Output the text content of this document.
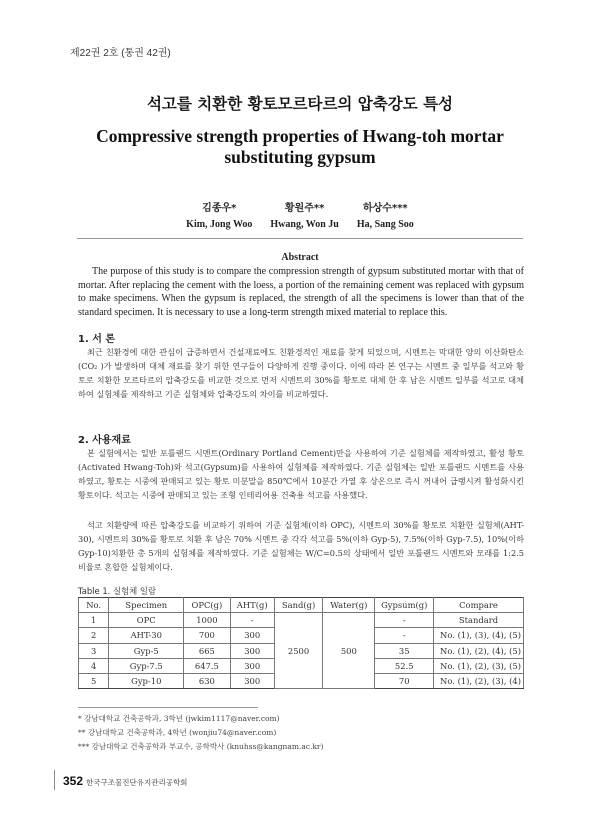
제22권 2호 (통권 42권)
석고를 치환한 황토모르타르의 압축강도 특성
Compressive strength properties of Hwang-toh mortar substituting gypsum
김종우*
Kim, Jong Woo
황원주**
Hwang, Won Ju
하상수***
Ha, Sang Soo
Abstract
The purpose of this study is to compare the compression strength of gypsum substituted mortar with that of mortar. After replacing the cement with the loess, a portion of the remaining cement was replaced with gypsum to make specimens. When the gypsum is replaced, the strength of all the specimens is lower than that of the standard specimen. It is necessary to use a long-term strength mixed material to replace this.
1. 서 론
최근 친환경에 대한 관심이 급증하면서 건설재료에도 친환경적인 재료를 찾게 되었으며, 시멘트는 막대한 양의 이산화탄소(CO₂ )가 발생하며 대체 재료를 찾기 위한 연구들이 다양하게 진행 중이다. 이에 따라 본 연구는 시멘트 중 일부를 석고와 황토로 치환한 모르타르의 압축강도를 비교한 것으로 먼저 시멘트의 30%를 황토로 대체 한 후 남은 시멘트 일부를 석고로 대체하여 실험체를 제작하고 기준 실험체와 압축강도의 차이를 비교하였다.
2. 사용재료
본 실험에서는 일반 포틀랜드 시멘트(Ordinary Portland Cement)만을 사용하여 기준 실험체를 제작하였고, 활성 황토(Activated Hwang-Toh)와 석고(Gypsum)를 사용하여 실험체를 제작하였다. 기준 실험체는 일반 포틀랜드 시멘트를 사용하였고, 황토는 시중에 판매되고 있는 황토 미분말을 850℃에서 10분간 가열 후 상온으로 즉시 꺼내어 급랭시켜 활성화시킨 황토이다. 석고는 시중에 판매되고 있는 조형 인테리어용 건축용 석고를 사용했다.
석고 치환량에 따른 압축강도를 비교하기 위하여 기준 실험체(이하 OPC), 시멘트의 30%를 황토로 치환한 실험체(AHT-30), 시멘트의 30%를 황토로 치환 후 남은 70% 시멘트 중 각각 석고를 5%(이하 Gyp-5), 7.5%(이하 Gyp-7.5), 10%(이하 Gyp-10)치환한 총 5개의 실험체를 제작하였다. 기준 실험체는 W/C=0.5의 상태에서 일반 포틀랜드 시멘트와 모래를 1:2.5 비율로 혼합한 실험체이다.
Table 1. 실험체 일람
No.	Specimen	OPC(g)	AHT(g)	Sand(g)	Water(g)	Gypsum(g)	Compare
1	OPC	1000	-	2500	500	-	Standard
2	AHT-30	700	300			-	No. (1), (3), (4), (5)
3	Gyp-5	665	300			35	No. (1), (2), (4), (5)
4	Gyp-7.5	647.5	300			52.5	No. (1), (2), (3), (5)
5	Gyp-10	630	300			70	No. (1), (2), (3), (4)
* 강남대학교 건축공학과, 3학년 (jwkim1117@naver.com)
** 강남대학교 건축공학과, 4학년 (wonjiu74@naver.com)
*** 강남대학교 건축공학과 부교수, 공학박사 (knuhss@kangnam.ac.kr)
352 한국구조물진단유지관리공학회
